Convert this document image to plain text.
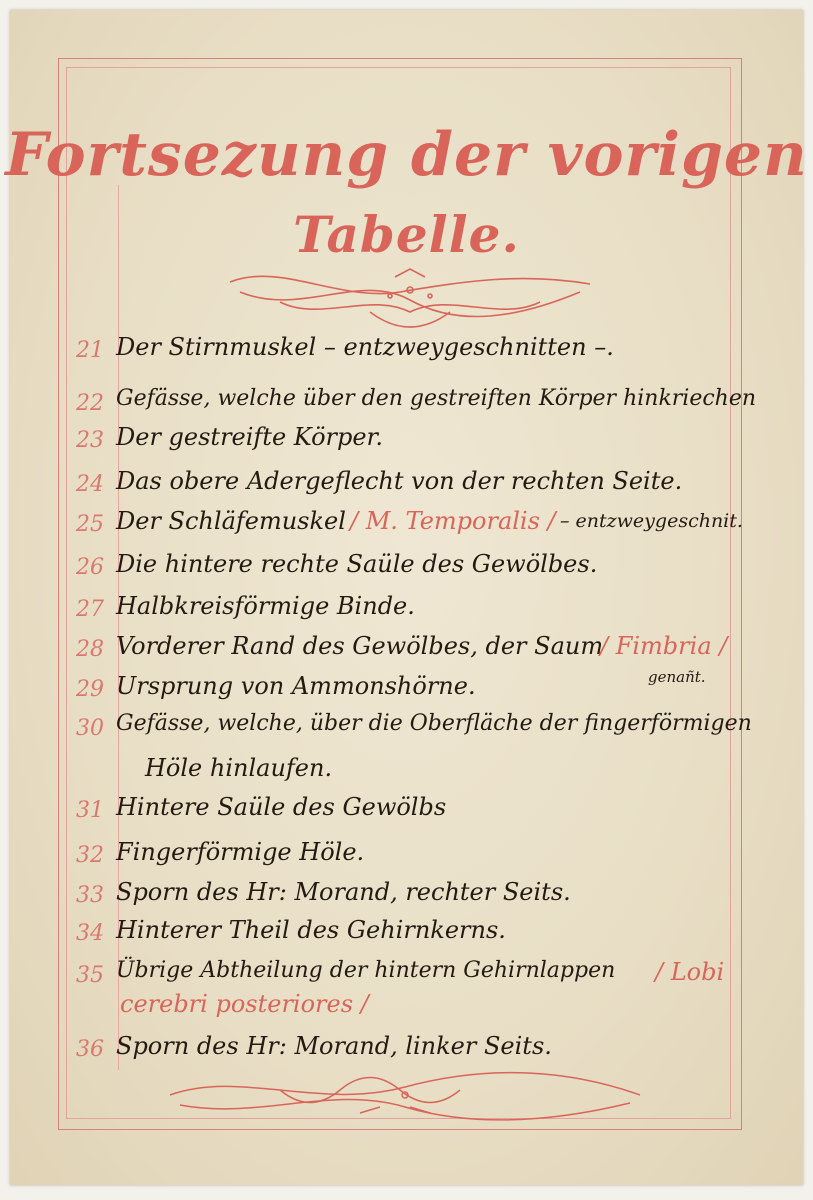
Fortsezung der vorigen
Tabelle.
21 Der Stirnmuskel – entzweygeschnitten –.
22 Gefässe, welche über den gestreiften Körper hinkriechen
23 Der gestreifte Körper.
24 Das obere Adergeflecht von der rechten Seite.
25 Der Schläfemuskel / M. Temporalis / – entzweygeschnit.
26 Die hintere rechte Saüle des Gewölbes.
27 Halbkreisförmige Binde.
28 Vorderer Rand des Gewölbes, der Saum
/ Fimbria /
genañt.
29 Ursprung von Ammonshörne.
30 Gefässe, welche, über die Oberfläche der fingerförmigen
Höle hinlaufen.
31 Hintere Saüle des Gewölbs
32 Fingerförmige Höle.
33 Sporn des Hr: Morand, rechter Seits.
34 Hinterer Theil des Gehirnkerns.
35 Übrige Abtheilung der hintern Gehirnlappen / Lobi
cerebri posteriores /
36 Sporn des Hr: Morand, linker Seits.
